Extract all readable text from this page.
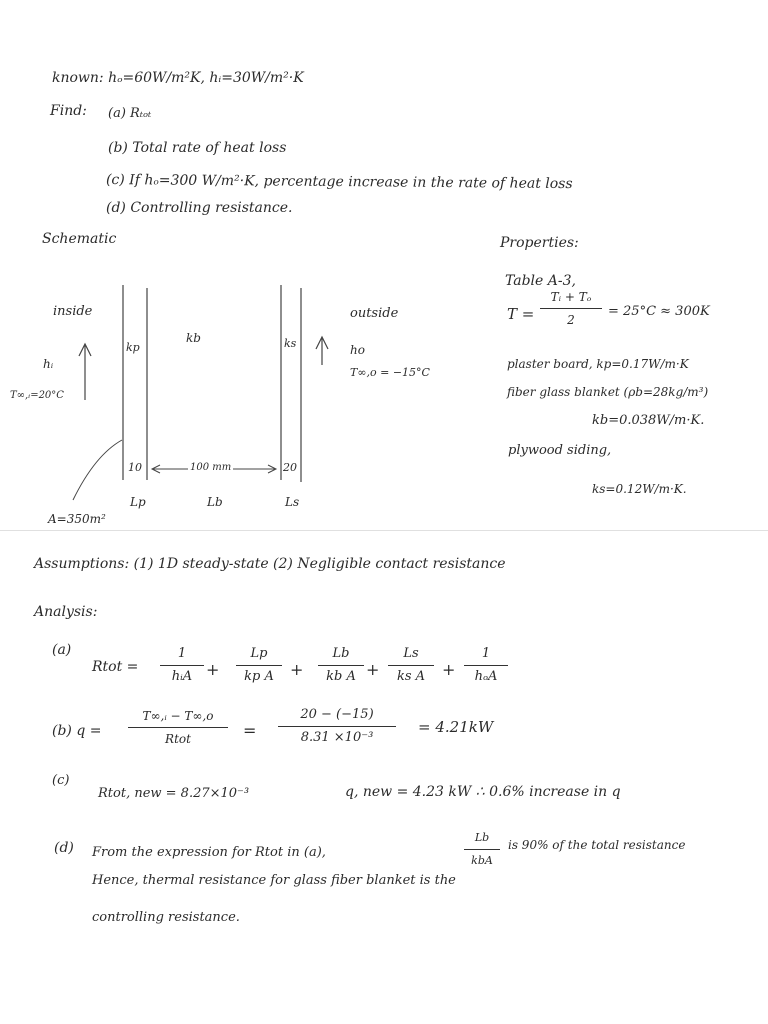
known: hₒ=60W/m²K, hᵢ=30W/m²·K
Find: (a) Rₜₒₜ
(b) Total rate of heat loss
(c) If hₒ=300 W/m²·K, percentage increase in the rate of heat loss
(d) Controlling resistance.
Schematic
inside
kp
kb	ks
outside
hᵢ
T∞,ᵢ=20°C
ho
T∞,o = −15°C
10	100 mm	20
Lp	Lb	Ls
A=350m²
Properties:
Table A-3,
T =
Tᵢ + Tₒ
2
= 25°C ≈ 300K
plaster board, kp=0.17W/m·K
fiber glass blanket (ρb=28kg/m³)
kb=0.038W/m·K.
plywood siding,
ks=0.12W/m·K.
Assumptions: (1) 1D steady-state (2) Negligible contact resistance
Analysis:
(a)
Rtot =
1
hᵢA +
Lp
kp A	+
Lb
kb A +
Ls
ks A	+
1
hₒA
(b) q =
T∞,ᵢ − T∞,o
Rtot	=
20 − (−15)
8.31 ×10⁻³
= 4.21kW
(c)
Rtot, new = 8.27×10⁻³	q, new = 4.23 kW ∴ 0.6% increase in q
(d) From the expression for Rtot in (a),
Lb
kbA
is 90% of the total resistance
Hence, thermal resistance for glass fiber blanket is the
controlling resistance.
